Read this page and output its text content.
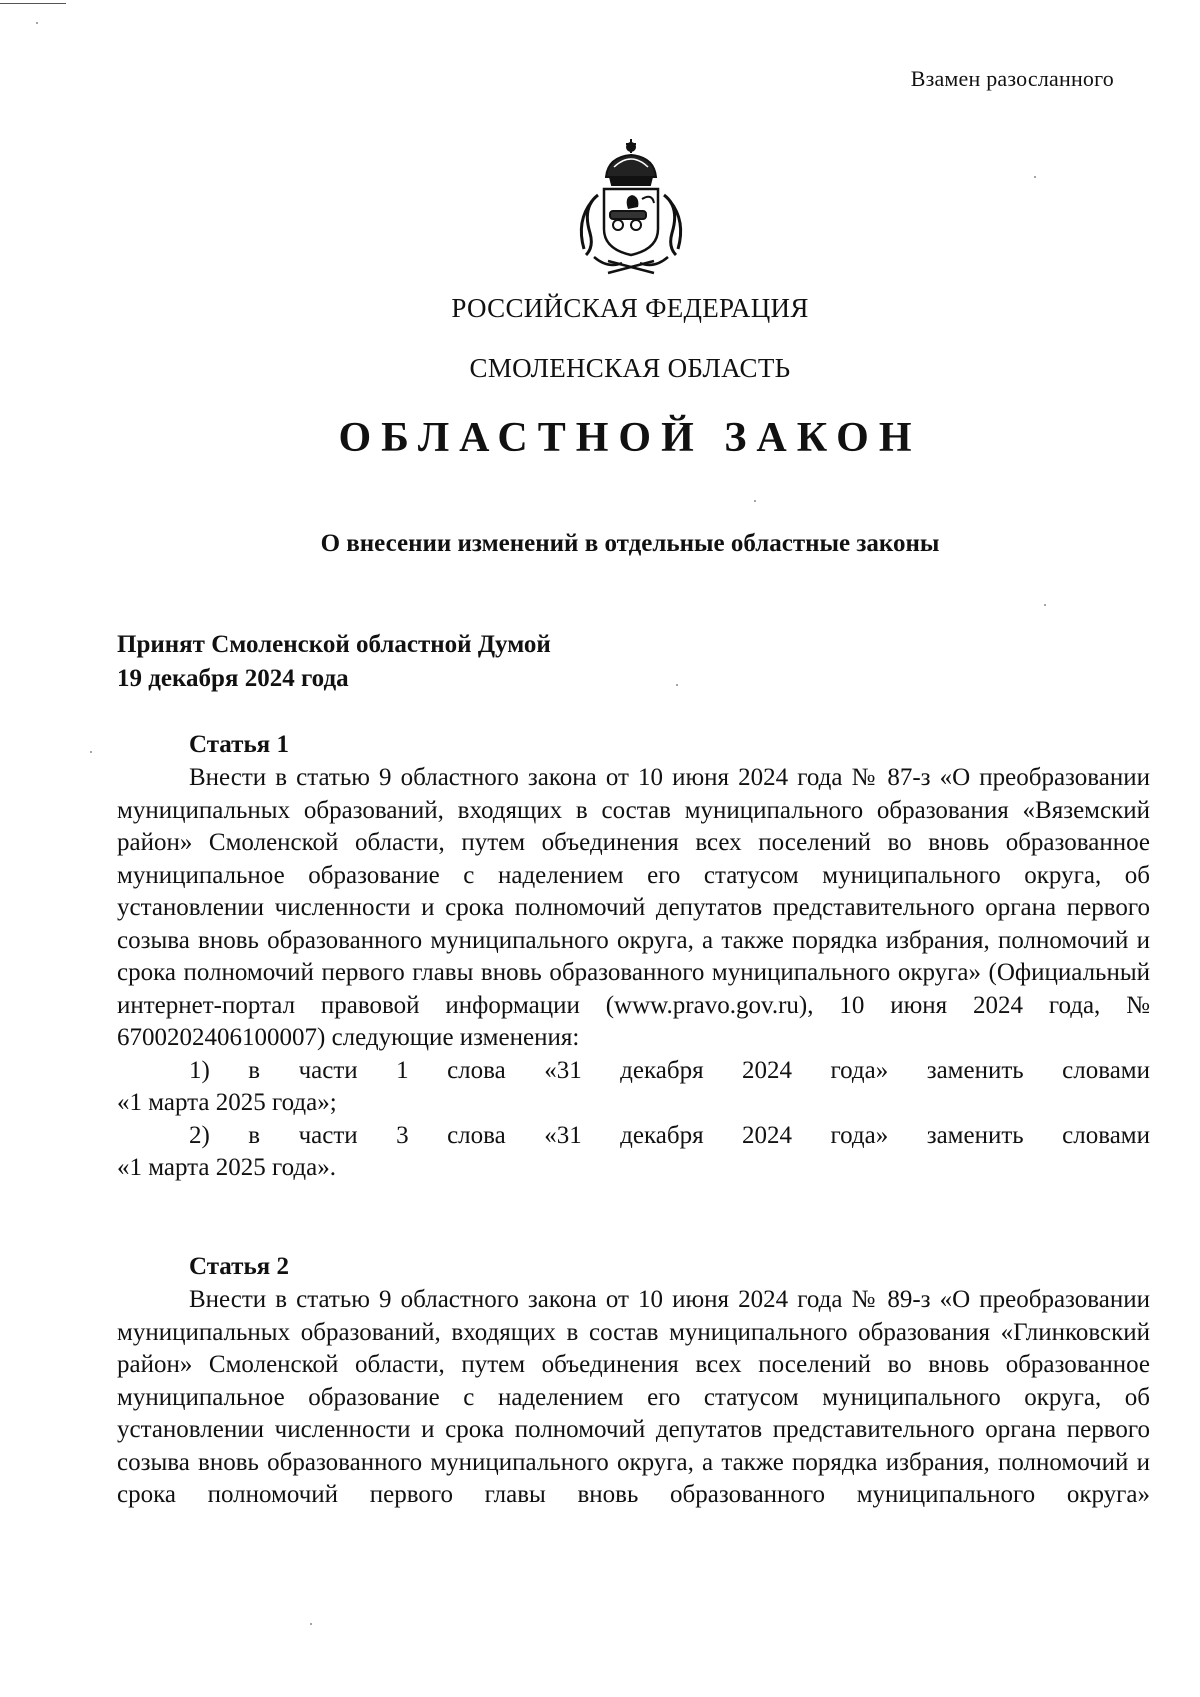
Взамен разосланного
РОССИЙСКАЯ ФЕДЕРАЦИЯ
СМОЛЕНСКАЯ ОБЛАСТЬ
ОБЛАСТНОЙ ЗАКОН
О внесении изменений в отдельные областные законы
Принят Смоленской областной Думой
19 декабря 2024 года

Статья 1

Внести в статью 9 областного закона от 10 июня 2024 года № 87-з «О преобразовании муниципальных образований, входящих в состав муниципального образования «Вяземский район» Смоленской области, путем объединения всех поселений во вновь образованное муниципальное образование с наделением его статусом муниципального округа, об установлении численности и срока полномочий депутатов представительного органа первого созыва вновь образованного муниципального округа, а также порядка избрания, полномочий и срока полномочий первого главы вновь образованного муниципального округа» (Официальный интернет-портал правовой информации (www.pravo.gov.ru), 10 июня 2024 года, № 6700202406100007) следующие изменения:

1) в части 1 слова «31 декабря 2024 года» заменить словами
«1 марта 2025 года»;

2) в части 3 слова «31 декабря 2024 года» заменить словами
«1 марта 2025 года».

Статья 2

Внести в статью 9 областного закона от 10 июня 2024 года № 89-з «О преобразовании муниципальных образований, входящих в состав муниципального образования «Глинковский район» Смоленской области, путем объединения всех поселений во вновь образованное муниципальное образование с наделением его статусом муниципального округа, об установлении численности и срока полномочий депутатов представительного органа первого созыва вновь образованного муниципального округа, а также порядка избрания, полномочий и срока полномочий первого главы вновь образованного муниципального округа»
